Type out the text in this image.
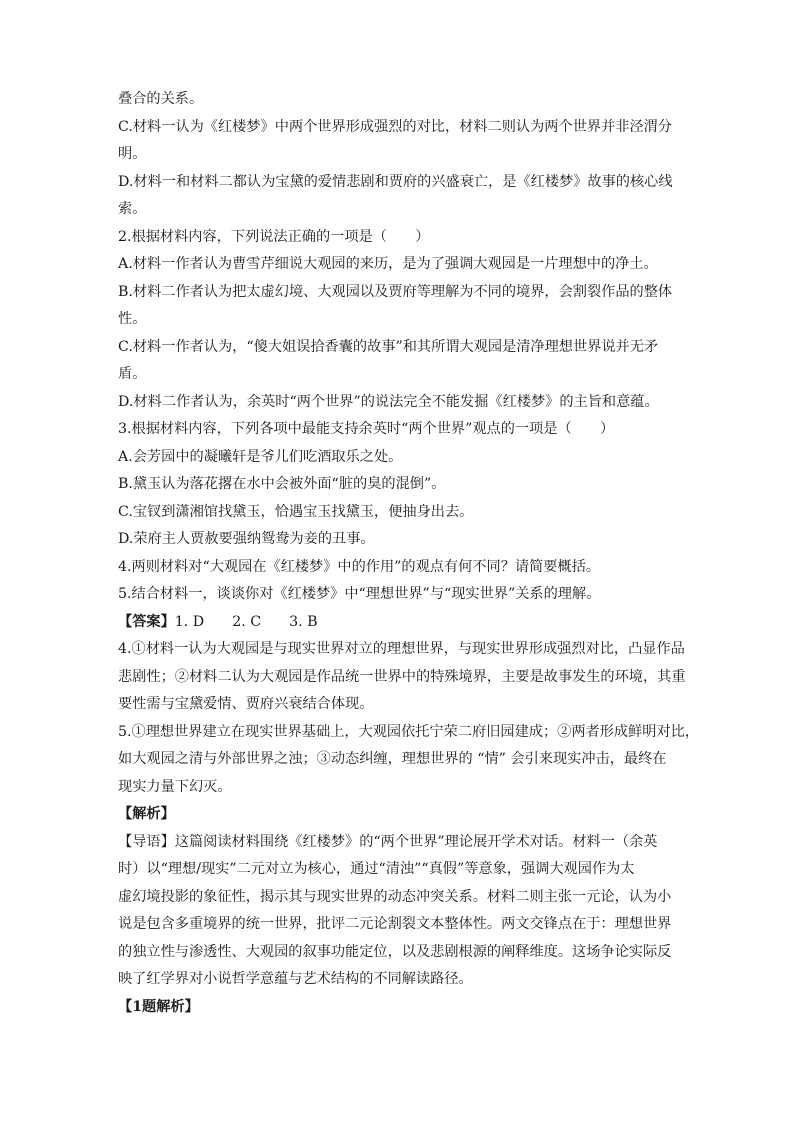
叠合的关系。
C.材料一认为《红楼梦》中两个世界形成强烈的对比，材料二则认为两个世界并非泾渭分
明。
D.材料一和材料二都认为宝黛的爱情悲剧和贾府的兴盛衰亡，是《红楼梦》故事的核心线
索。
2.根据材料内容，下列说法正确的一项是（　　）
A.材料一作者认为曹雪芹细说大观园的来历，是为了强调大观园是一片理想中的净土。
B.材料二作者认为把太虚幻境、大观园以及贾府等理解为不同的境界，会割裂作品的整体
性。
C.材料一作者认为，“傻大姐误拾香囊的故事”和其所谓大观园是清净理想世界说并无矛
盾。
D.材料二作者认为，余英时“两个世界”的说法完全不能发掘《红楼梦》的主旨和意蕴。
3.根据材料内容，下列各项中最能支持余英时“两个世界”观点的一项是（　　）
A.会芳园中的凝曦轩是爷儿们吃酒取乐之处。
B.黛玉认为落花撂在水中会被外面“脏的臭的混倒”。
C.宝钗到潇湘馆找黛玉，恰遇宝玉找黛玉，便抽身出去。
D.荣府主人贾赦要强纳鸳鸯为妾的丑事。
4.两则材料对“大观园在《红楼梦》中的作用”的观点有何不同？请简要概括。
5.结合材料一，谈谈你对《红楼梦》中“理想世界”与“现实世界”关系的理解。
【答案】1. D 2. C 3. B
4.①材料一认为大观园是与现实世界对立的理想世界，与现实世界形成强烈对比，凸显作品
悲剧性；②材料二认为大观园是作品统一世界中的特殊境界，主要是故事发生的环境，其重
要性需与宝黛爱情、贾府兴衰结合体现。
5.①理想世界建立在现实世界基础上，大观园依托宁荣二府旧园建成；②两者形成鲜明对比，
如大观园之清与外部世界之浊；③动态纠缠，理想世界的 “情” 会引来现实冲击，最终在
现实力量下幻灭。
【解析】
【导语】这篇阅读材料围绕《红楼梦》的“两个世界”理论展开学术对话。材料一（余英
时）以“理想/现实”二元对立为核心，通过“清浊”“真假”等意象，强调大观园作为太
虚幻境投影的象征性，揭示其与现实世界的动态冲突关系。材料二则主张一元论，认为小
说是包含多重境界的统一世界，批评二元论割裂文本整体性。两文交锋点在于：理想世界
的独立性与渗透性、大观园的叙事功能定位，以及悲剧根源的阐释维度。这场争论实际反
映了红学界对小说哲学意蕴与艺术结构的不同解读路径。
【1题解析】
